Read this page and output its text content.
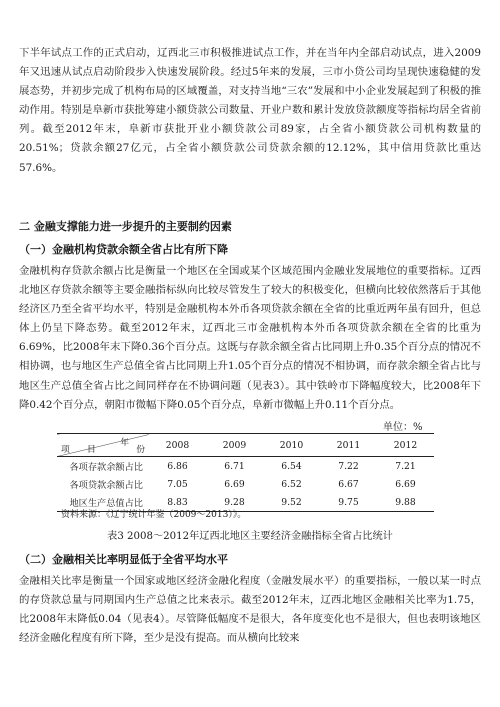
下半年试点工作的正式启动，辽西北三市积极推进试点工作，并在当年内全部启动试点，进入2009年又迅速从试点启动阶段步入快速发展阶段。经过5年来的发展，三市小贷公司均呈现快速稳健的发展态势，并初步完成了机构布局的区域覆盖，对支持当地“三农”发展和中小企业发展起到了积极的推动作用。特别是阜新市获批筹建小额贷款公司数量、开业户数和累计发放贷款额度等指标均居全省前列。截至2012年末，阜新市获批开业小额贷款公司89家，占全省小额贷款公司机构数量的20.51%；贷款余额27亿元，占全省小额贷款公司贷款余额的12.12%，其中信用贷款比重达57.6%。

二 金融支撑能力进一步提升的主要制约因素

（一）金融机构贷款余额全省占比有所下降

金融机构存贷款余额占比是衡量一个地区在全国或某个区域范围内金融业发展地位的重要指标。辽西北地区存贷款余额等主要金融指标纵向比较尽管发生了较大的积极变化，但横向比较依然落后于其他经济区乃至全省平均水平，特别是金融机构本外币各项贷款余额在全省的比重近两年虽有回升，但总体上仍呈下降态势。截至2012年末，辽西北三市金融机构本外币各项贷款余额在全省的比重为6.69%，比2008年末下降0.36个百分点。这既与存款余额全省占比同期上升0.35个百分点的情况不相协调，也与地区生产总值全省占比同期上升1.05个百分点的情况不相协调，而存款余额全省占比与地区生产总值全省占比之间同样存在不协调问题（见表3）。其中铁岭市下降幅度较大，比2008年下降0.42个百分点，朝阳市微幅下降0.05个百分点，阜新市微幅上升0.11个百分点。

单位：%
年
份
项 目	2008	2009	2010	2011	2012
各项存款余额占比	6.86	6.71	6.54	7.22	7.21
各项贷款余额占比	7.05	6.69	6.52	6.67	6.69
地区生产总值占比	8.83	9.28	9.52	9.75	9.88
资料来源：《辽宁统计年鉴（2009～2013）》。
表3 2008～2012年辽西北地区主要经济金融指标全省占比统计

（二）金融相关比率明显低于全省平均水平

金融相关比率是衡量一个国家或地区经济金融化程度（金融发展水平）的重要指标，一般以某一时点的存贷款总量与同期国内生产总值之比来表示。截至2012年末，辽西北地区金融相关比率为1.75，比2008年末降低0.04（见表4）。尽管降低幅度不是很大，各年度变化也不是很大，但也表明该地区经济金融化程度有所下降，至少是没有提高。而从横向比较来
